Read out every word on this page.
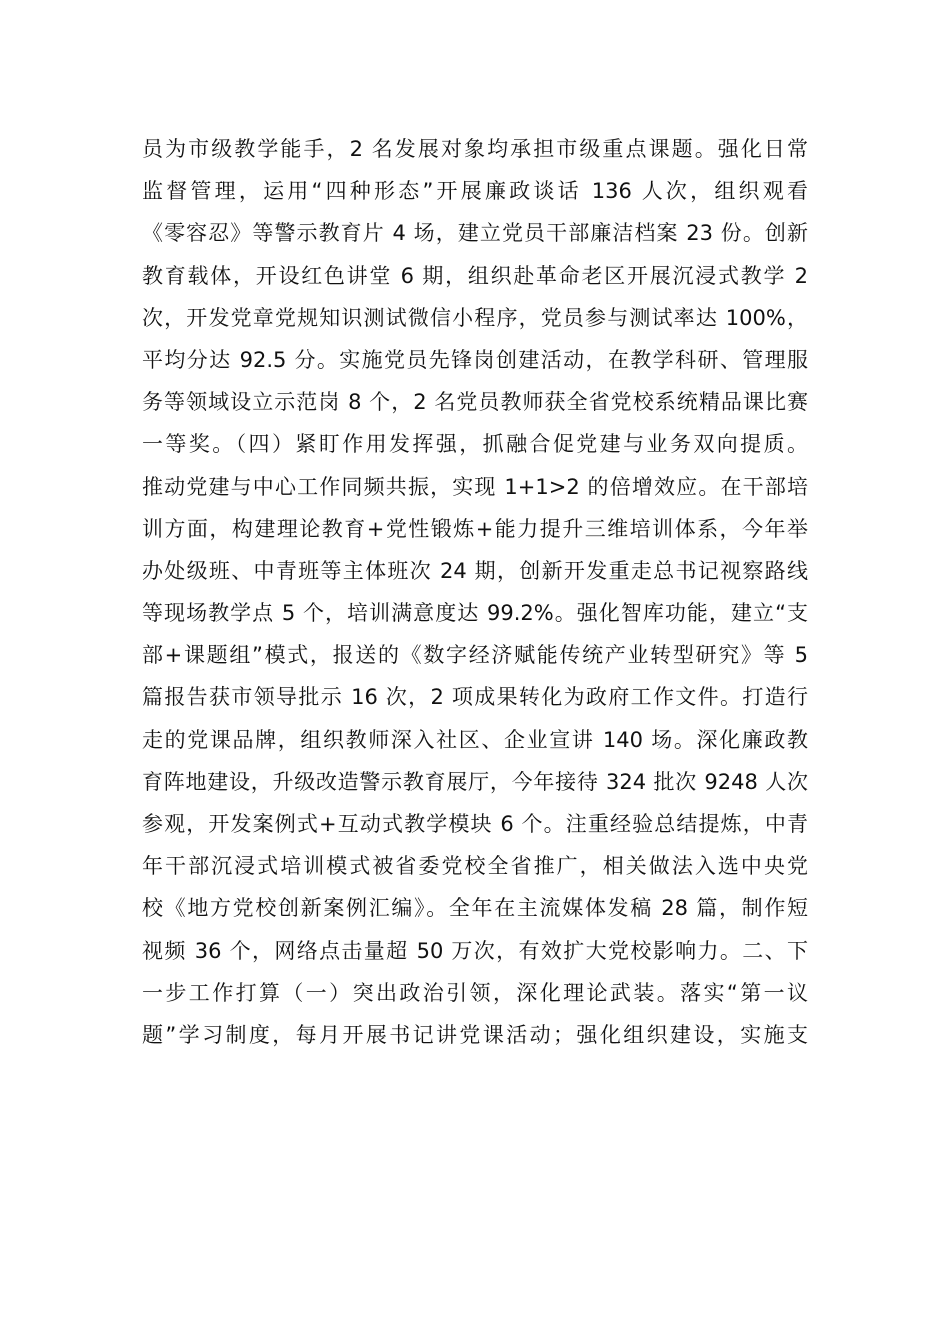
员为市级教学能手，2 名发展对象均承担市级重点课题。强化日常
监督管理，运用“四种形态”开展廉政谈话 136 人次，组织观看
《零容忍》等警示教育片 4 场，建立党员干部廉洁档案 23 份。创新
教育载体，开设红色讲堂 6 期，组织赴革命老区开展沉浸式教学 2
次，开发党章党规知识测试微信小程序，党员参与测试率达 100%，
平均分达 92.5 分。实施党员先锋岗创建活动，在教学科研、管理服
务等领域设立示范岗 8 个，2 名党员教师获全省党校系统精品课比赛
一等奖。（四）紧盯作用发挥强，抓融合促党建与业务双向提质。
推动党建与中心工作同频共振，实现 1+1>2 的倍增效应。在干部培
训方面，构建理论教育+党性锻炼+能力提升三维培训体系，今年举
办处级班、中青班等主体班次 24 期，创新开发重走总书记视察路线
等现场教学点 5 个，培训满意度达 99.2%。强化智库功能，建立“支
部+课题组”模式，报送的《数字经济赋能传统产业转型研究》等 5
篇报告获市领导批示 16 次，2 项成果转化为政府工作文件。打造行
走的党课品牌，组织教师深入社区、企业宣讲 140 场。深化廉政教
育阵地建设，升级改造警示教育展厅，今年接待 324 批次 9248 人次
参观，开发案例式+互动式教学模块 6 个。注重经验总结提炼，中青
年干部沉浸式培训模式被省委党校全省推广，相关做法入选中央党
校《地方党校创新案例汇编》。全年在主流媒体发稿 28 篇，制作短
视频 36 个，网络点击量超 50 万次，有效扩大党校影响力。二、下
一步工作打算（一）突出政治引领，深化理论武装。落实“第一议
题”学习制度，每月开展书记讲党课活动；强化组织建设，实施支
